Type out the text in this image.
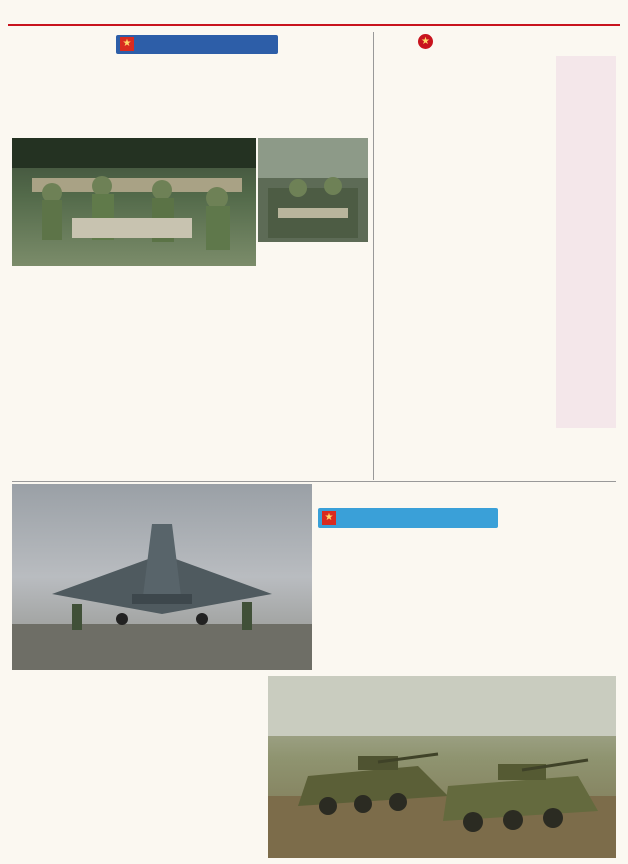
★	★
★
